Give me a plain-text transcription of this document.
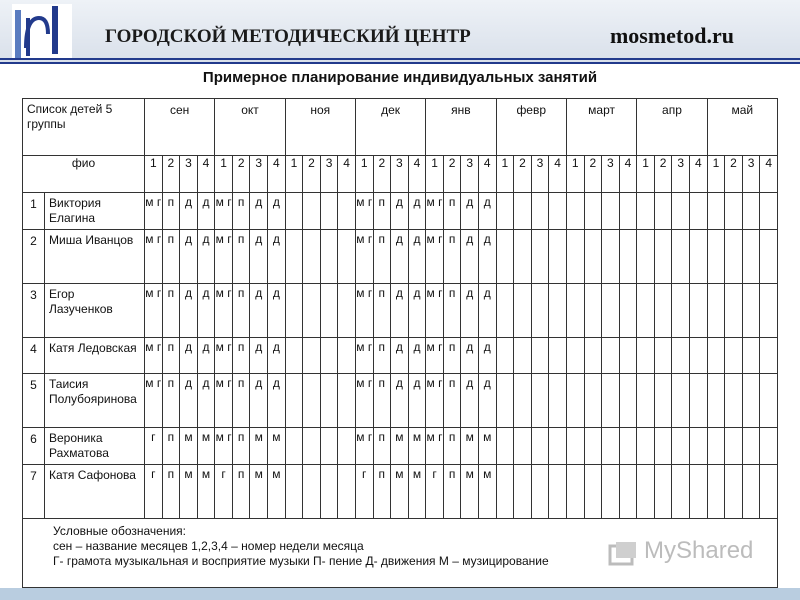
ГОРОДСКОЙ МЕТОДИЧЕСКИЙ ЦЕНТР	mosmetod.ru
Примерное планирование индивидуальных занятий
Список детей 5 группы		сен				окт				ноя				дек				янв				февр				март				апр				май			
фио		1	2	3	4	1	2	3	4	1	2	3	4	1	2	3	4	1	2	3	4	1	2	3	4	1	2	3	4	1	2	3	4	1	2	3	4
1	Виктория Елагина	м г	п	д	д	м г	п	д	д					м г	п	д	д	м г	п	д	д																
2	Миша Иванцов	м г	п	д	д	м г	п	д	д					м г	п	д	д	м г	п	д	д																
3	Егор Лазученков	м г	п	д	д	м г	п	д	д					м г	п	д	д	м г	п	д	д																
4	Катя Ледовская	м г	п	д	д	м г	п	д	д					м г	п	д	д	м г	п	д	д																
5	Таисия Полубояринова	м г	п	д	д	м г	п	д	д					м г	п	д	д	м г	п	д	д																
6	Вероника Рахматова	г	п	м	м	м г	п	м	м					м г	п	м	м	м г	п	м	м																
7	Катя Сафонова	г	п	м	м	г	п	м	м					г	п	м	м	г	п	м	м																

Условные обозначения:
сен – название месяцев 1,2,3,4 – номер недели месяца
Г- грамота музыкальная и восприятие музыки П- пение Д- движения М – музицирование																																						MyShared
